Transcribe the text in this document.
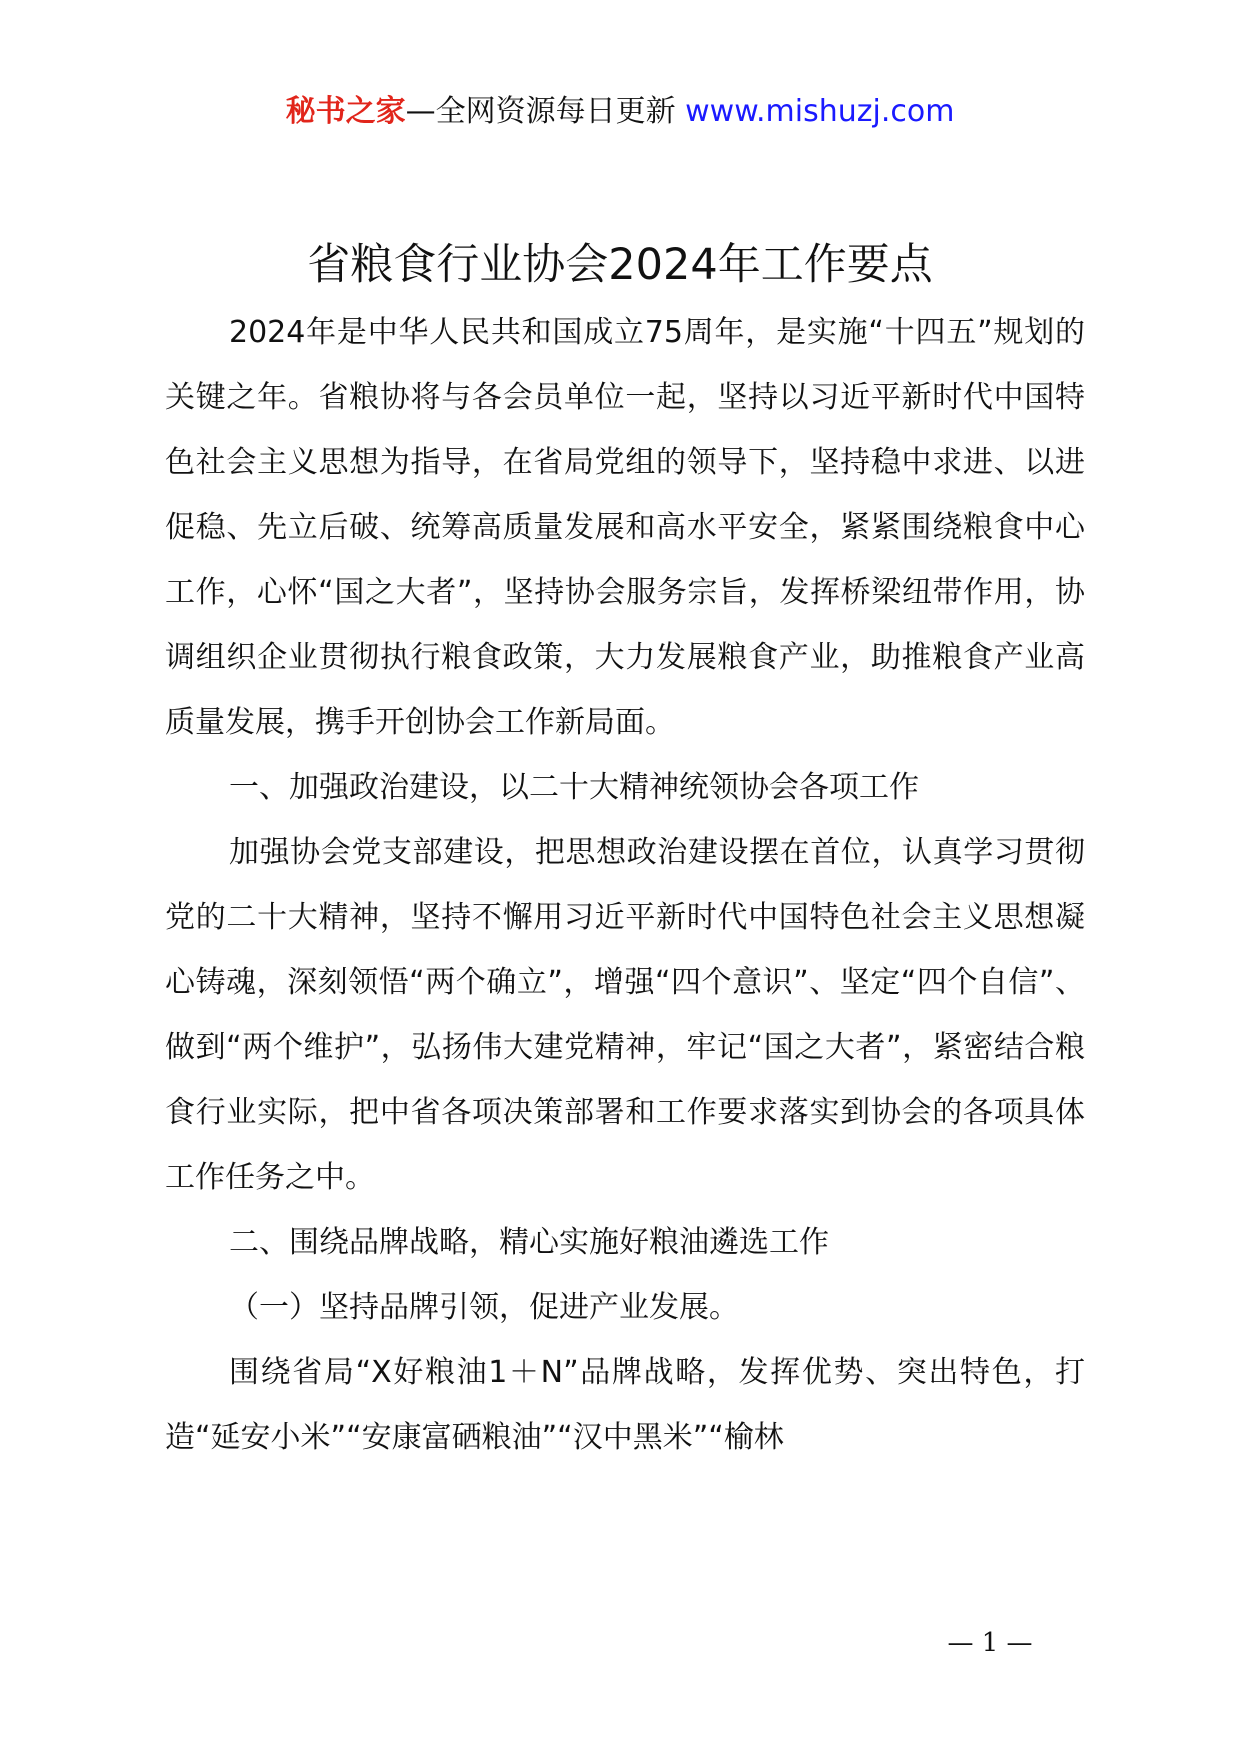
秘书之家—全网资源每日更新 www.mishuzj.com
省粮食行业协会2024年工作要点

2024年是中华人民共和国成立75周年，是实施“十四五”规划的关键之年。省粮协将与各会员单位一起，坚持以习近平新时代中国特色社会主义思想为指导，在省局党组的领导下，坚持稳中求进、以进促稳、先立后破、统筹高质量发展和高水平安全，紧紧围绕粮食中心工作，心怀“国之大者”，坚持协会服务宗旨，发挥桥梁纽带作用，协调组织企业贯彻执行粮食政策，大力发展粮食产业，助推粮食产业高质量发展，携手开创协会工作新局面。

一、加强政治建设，以二十大精神统领协会各项工作

加强协会党支部建设，把思想政治建设摆在首位，认真学习贯彻党的二十大精神，坚持不懈用习近平新时代中国特色社会主义思想凝心铸魂，深刻领悟“两个确立”，增强“四个意识”、坚定“四个自信”、做到“两个维护”，弘扬伟大建党精神，牢记“国之大者”，紧密结合粮食行业实际，把中省各项决策部署和工作要求落实到协会的各项具体工作任务之中。

二、围绕品牌战略，精心实施好粮油遴选工作

（一）坚持品牌引领，促进产业发展。

围绕省局“X好粮油1＋N”品牌战略，发挥优势、突出特色，打造“延安小米”“安康富硒粮油”“汉中黑米”“榆林

— 1 —
